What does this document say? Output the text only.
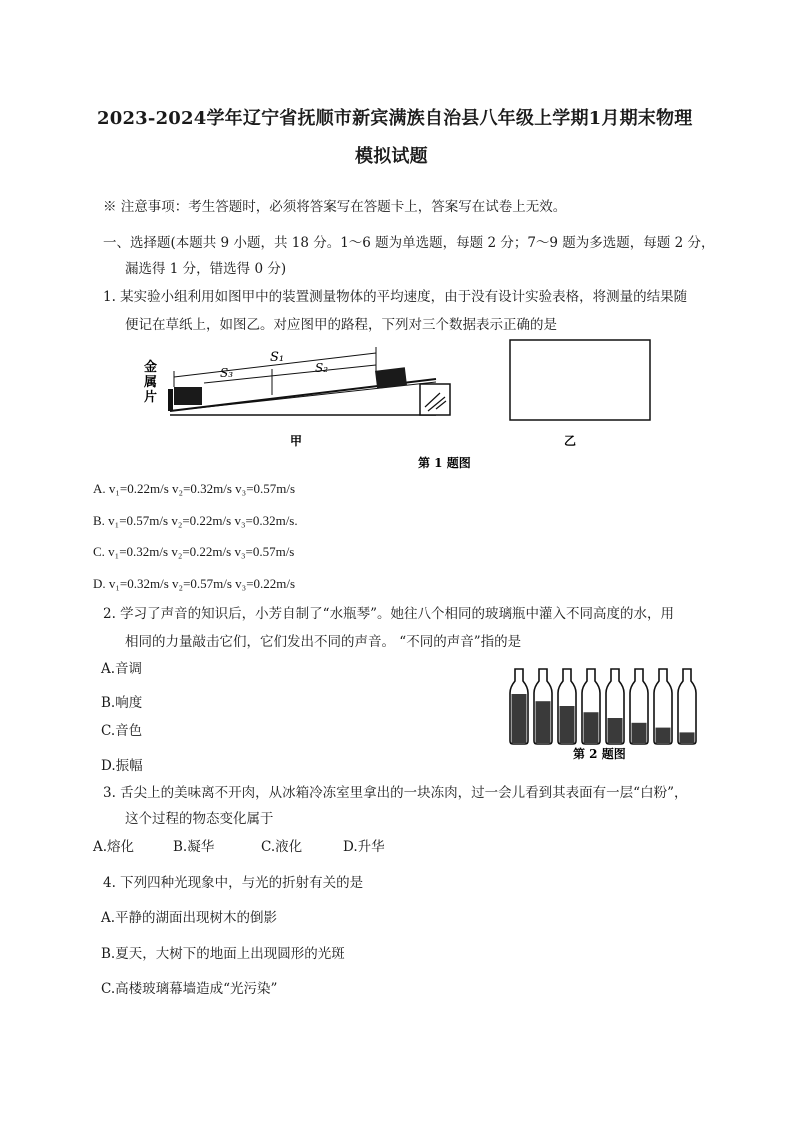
2023-2024学年辽宁省抚顺市新宾满族自治县八年级上学期1月期末物理
模拟试题
※ 注意事项：考生答题时，必须将答案写在答题卡上，答案写在试卷上无效。
一、选择题(本题共 9 小题，共 18 分。1～6 题为单选题，每题 2 分；7～9 题为多选题，每题 2 分，
漏选得 1 分，错选得 0 分)
1. 某实验小组利用如图甲中的装置测量物体的平均速度，由于没有设计实验表格，将测量的结果随
便记在草纸上，如图乙。对应图甲的路程，下列对三个数据表示正确的是
S₁
S₃	S₂
金
属
片
甲	乙
第 1 题图
A. v₁=0.22m/s v₂=0.32m/s v₃=0.57m/s
B. v₁=0.57m/s v₂=0.22m/s v₃=0.32m/s.
C. v₁=0.32m/s v₂=0.22m/s v₃=0.57m/s
D. v₁=0.32m/s v₂=0.57m/s v₃=0.22m/s
2. 学习了声音的知识后，小芳自制了“水瓶琴”。她往八个相同的玻璃瓶中灌入不同高度的水，用
相同的力量敲击它们，它们发出不同的声音。 “不同的声音”指的是
A.音调
B.响度
C.音色
D.振幅
第 2 题图
3. 舌尖上的美味离不开肉，从冰箱冷冻室里拿出的一块冻肉，过一会儿看到其表面有一层“白粉”，
这个过程的物态变化属于
A.熔化	B.凝华	C.液化	D.升华
4. 下列四种光现象中，与光的折射有关的是
A.平静的湖面出现树木的倒影
B.夏天，大树下的地面上出现圆形的光斑
C.高楼玻璃幕墙造成“光污染”
